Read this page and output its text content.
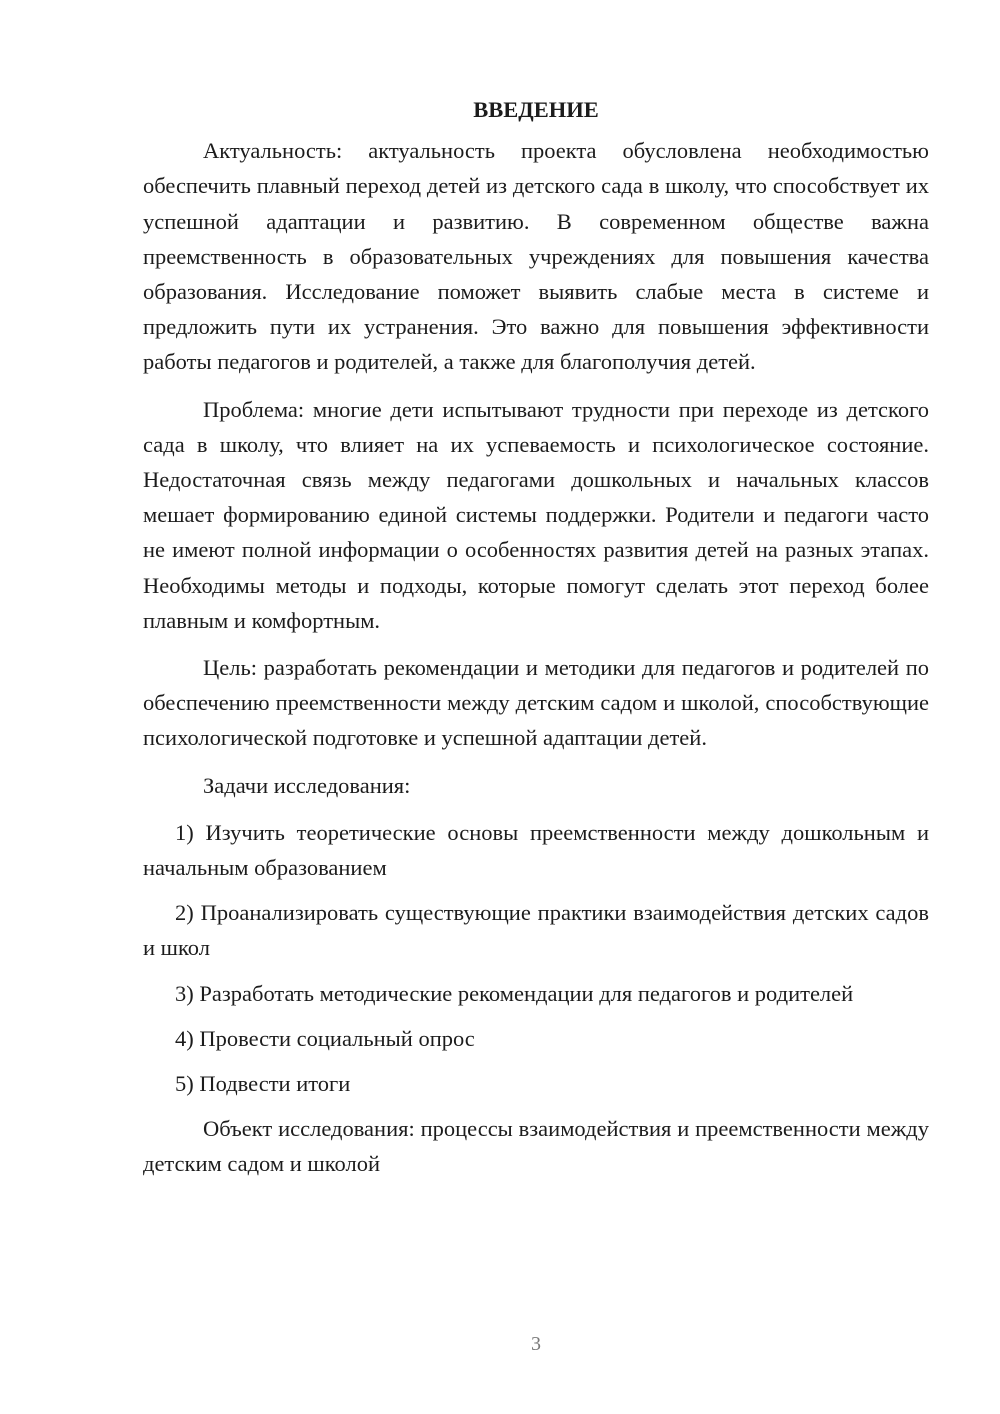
ВВЕДЕНИЕ

Актуальность: актуальность проекта обусловлена необходимостью обеспечить плавный переход детей из детского сада в школу, что способствует их успешной адаптации и развитию. В современном обществе важна преемственность в образовательных учреждениях для повышения качества образования. Исследование поможет выявить слабые места в системе и предложить пути их устранения. Это важно для повышения эффективности работы педагогов и родителей, а также для благополучия детей.

Проблема: многие дети испытывают трудности при переходе из детского сада в школу, что влияет на их успеваемость и психологическое состояние. Недостаточная связь между педагогами дошкольных и начальных классов мешает формированию единой системы поддержки. Родители и педагоги часто не имеют полной информации о особенностях развития детей на разных этапах. Необходимы методы и подходы, которые помогут сделать этот переход более плавным и комфортным.

Цель: разработать рекомендации и методики для педагогов и родителей по обеспечению преемственности между детским садом и школой, способствующие психологической подготовке и успешной адаптации детей.

Задачи исследования:

1) Изучить теоретические основы преемственности между дошкольным и начальным образованием

2) Проанализировать существующие практики взаимодействия детских садов и школ

3) Разработать методические рекомендации для педагогов и родителей

4) Провести социальный опрос

5) Подвести итоги

Объект исследования: процессы взаимодействия и преемственности между детским садом и школой

3
